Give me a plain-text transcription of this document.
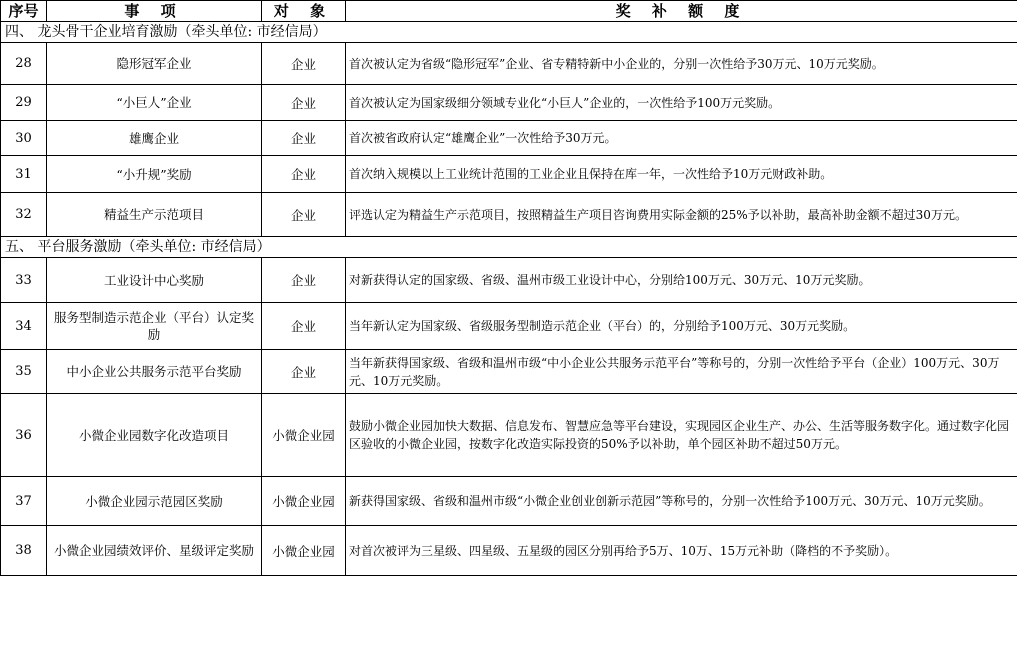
序号	事 项	对 象	奖 补 额 度
四、 龙头骨干企业培育激励（牵头单位: 市经信局）			
28	隐形冠军企业	企业	首次被认定为省级“隐形冠军”企业、省专精特新中小企业的，分别一次性给予30万元、10万元奖励。
29	“小巨人”企业	企业	首次被认定为国家级细分领域专业化“小巨人”企业的，一次性给予100万元奖励。
30	雄鹰企业	企业	首次被省政府认定“雄鹰企业”一次性给予30万元。
31	“小升规”奖励	企业	首次纳入规模以上工业统计范围的工业企业且保持在库一年，一次性给予10万元财政补助。
32	精益生产示范项目	企业	评选认定为精益生产示范项目，按照精益生产项目咨询费用实际金额的25%予以补助，最高补助金额不超过30万元。
五、 平台服务激励（牵头单位: 市经信局）			
33	工业设计中心奖励	企业	对新获得认定的国家级、省级、温州市级工业设计中心，分别给100万元、30万元、10万元奖励。
34	服务型制造示范企业（平台）认定奖励	企业	当年新认定为国家级、省级服务型制造示范企业（平台）的，分别给予100万元、30万元奖励。
35	中小企业公共服务示范平台奖励	企业	当年新获得国家级、省级和温州市级“中小企业公共服务示范平台”等称号的，分别一次性给予平台（企业）100万元、30万元、10万元奖励。
36	小微企业园数字化改造项目	小微企业园	鼓励小微企业园加快大数据、信息发布、智慧应急等平台建设，实现园区企业生产、办公、生活等服务数字化。通过数字化园区验收的小微企业园，按数字化改造实际投资的50%予以补助，单个园区补助不超过50万元。
37	小微企业园示范园区奖励	小微企业园	新获得国家级、省级和温州市级“小微企业创业创新示范园”等称号的，分别一次性给予100万元、30万元、10万元奖励。
38	小微企业园绩效评价、星级评定奖励	小微企业园	对首次被评为三星级、四星级、五星级的园区分别再给予5万、10万、15万元补助（降档的不予奖励）。
